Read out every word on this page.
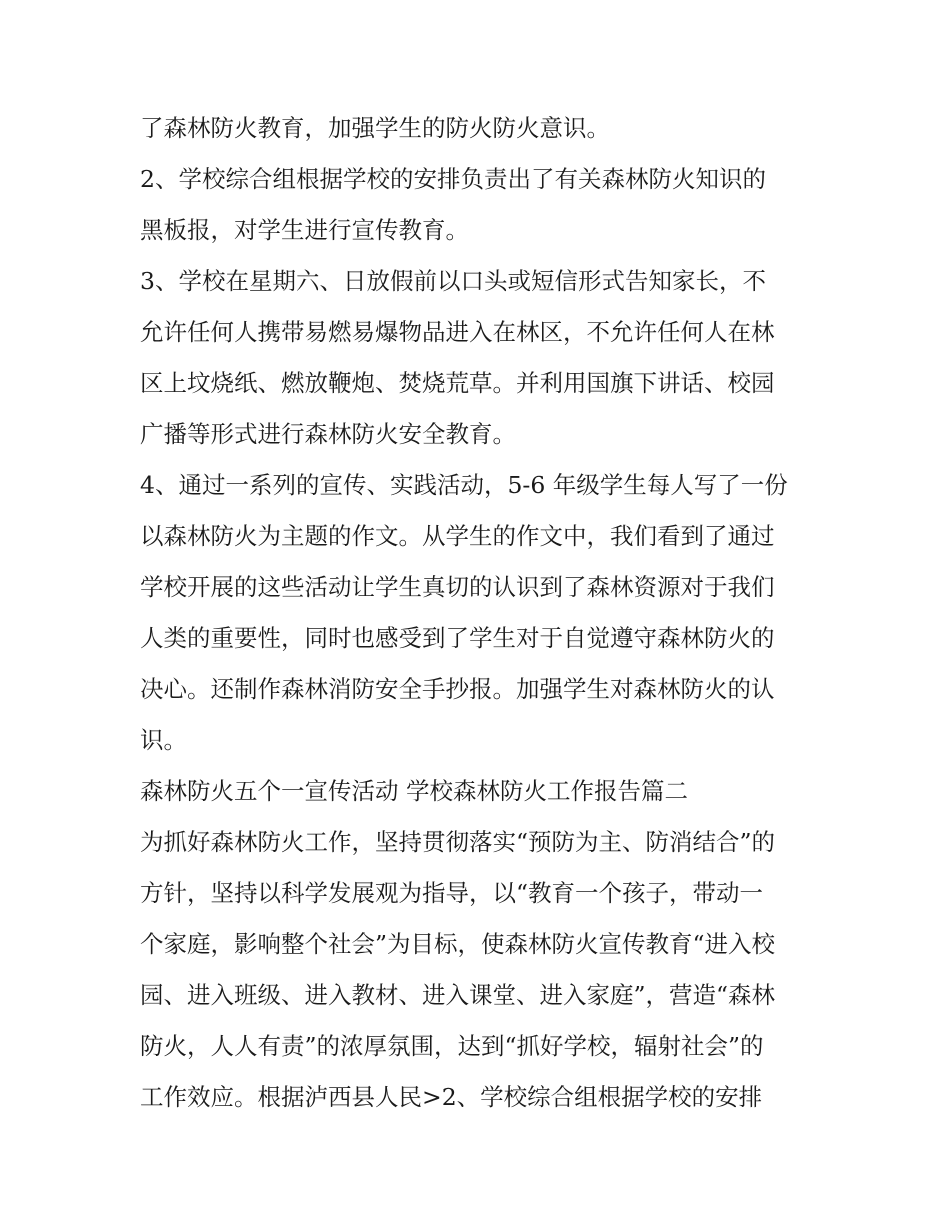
了森林防火教育，加强学生的防火防火意识。
2、学校综合组根据学校的安排负责出了有关森林防火知识的
黑板报，对学生进行宣传教育。
3、学校在星期六、日放假前以口头或短信形式告知家长，不
允许任何人携带易燃易爆物品进入在林区，不允许任何人在林
区上坟烧纸、燃放鞭炮、焚烧荒草。并利用国旗下讲话、校园
广播等形式进行森林防火安全教育。
4、通过一系列的宣传、实践活动，5-6 年级学生每人写了一份
以森林防火为主题的作文。从学生的作文中，我们看到了通过
学校开展的这些活动让学生真切的认识到了森林资源对于我们
人类的重要性，同时也感受到了学生对于自觉遵守森林防火的
决心。还制作森林消防安全手抄报。加强学生对森林防火的认
识。
森林防火五个一宣传活动 学校森林防火工作报告篇二
为抓好森林防火工作，坚持贯彻落实“预防为主、防消结合”的
方针，坚持以科学发展观为指导，以“教育一个孩子，带动一
个家庭，影响整个社会”为目标，使森林防火宣传教育“进入校
园、进入班级、进入教材、进入课堂、进入家庭”，营造“森林
防火，人人有责”的浓厚氛围，达到“抓好学校，辐射社会”的
工作效应。根据泸西县人民>2、学校综合组根据学校的安排
